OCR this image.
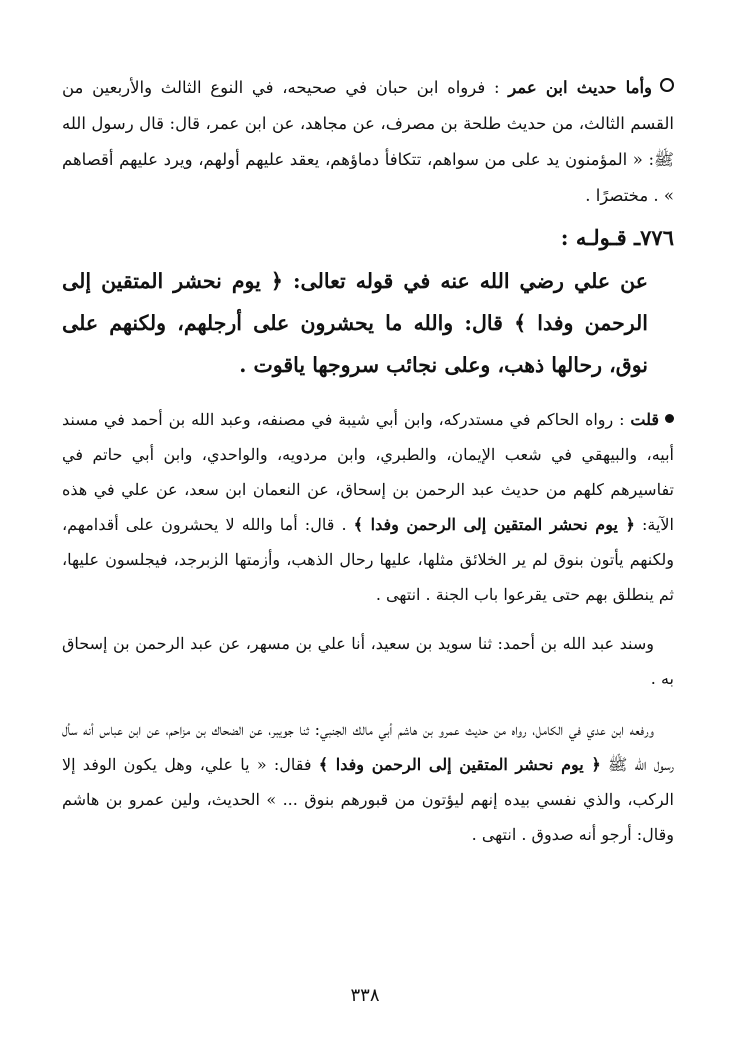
وأما حديث ابن عمر : فرواه ابن حبان في صحيحه، في النوع الثالث والأربعين من القسم الثالث، من حديث طلحة بن مصرف، عن مجاهد، عن ابن عمر، قال: قال رسول الله ﷺ: « المؤمنون يد على من سواهم، تتكافأ دماؤهم، يعقد عليهم أولهم، ويرد عليهم أقصاهم » . مختصرًا .

٧٧٦ـ قـولـه :

عن علي رضي الله عنه في قوله تعالى: ﴿ يوم نحشر المتقين إلى الرحمن وفدا ﴾ قال: والله ما يحشرون على أرجلهم، ولكنهم على نوق، رحالها ذهب، وعلى نجائب سروجها ياقوت .

قلت : رواه الحاكم في مستدركه، وابن أبي شيبة في مصنفه، وعبد الله بن أحمد في مسند أبيه، والبيهقي في شعب الإيمان، والطبري، وابن مردويه، والواحدي، وابن أبي حاتم في تفاسيرهم كلهم من حديث عبد الرحمن بن إسحاق، عن النعمان ابن سعد، عن علي في هذه الآية: ﴿ يوم نحشر المتقين إلى الرحمن وفدا ﴾ . قال: أما والله لا يحشرون على أقدامهم، ولكنهم يأتون بنوق لم ير الخلائق مثلها، عليها رحال الذهب، وأزمتها الزبرجد، فيجلسون عليها، ثم ينطلق بهم حتى يقرعوا باب الجنة . انتهى .

وسند عبد الله بن أحمد: ثنا سويد بن سعيد، أنا علي بن مسهر، عن عبد الرحمن بن إسحاق به .

ورفعه ابن عدي في الكامل، رواه من حديث عمرو بن هاشم أبي مالك الجنبي: ثنا جويبر، عن الضحاك بن مزاحم، عن ابن عباس أنه سأل رسول الله ﷺ ﴿ يوم نحشر المتقين إلى الرحمن وفدا ﴾ فقال: « يا علي، وهل يكون الوفد إلا الركب، والذي نفسي بيده إنهم ليؤتون من قبورهم بنوق ... » الحديث، ولين عمرو بن هاشم وقال: أرجو أنه صدوق . انتهى .

٣٣٨
